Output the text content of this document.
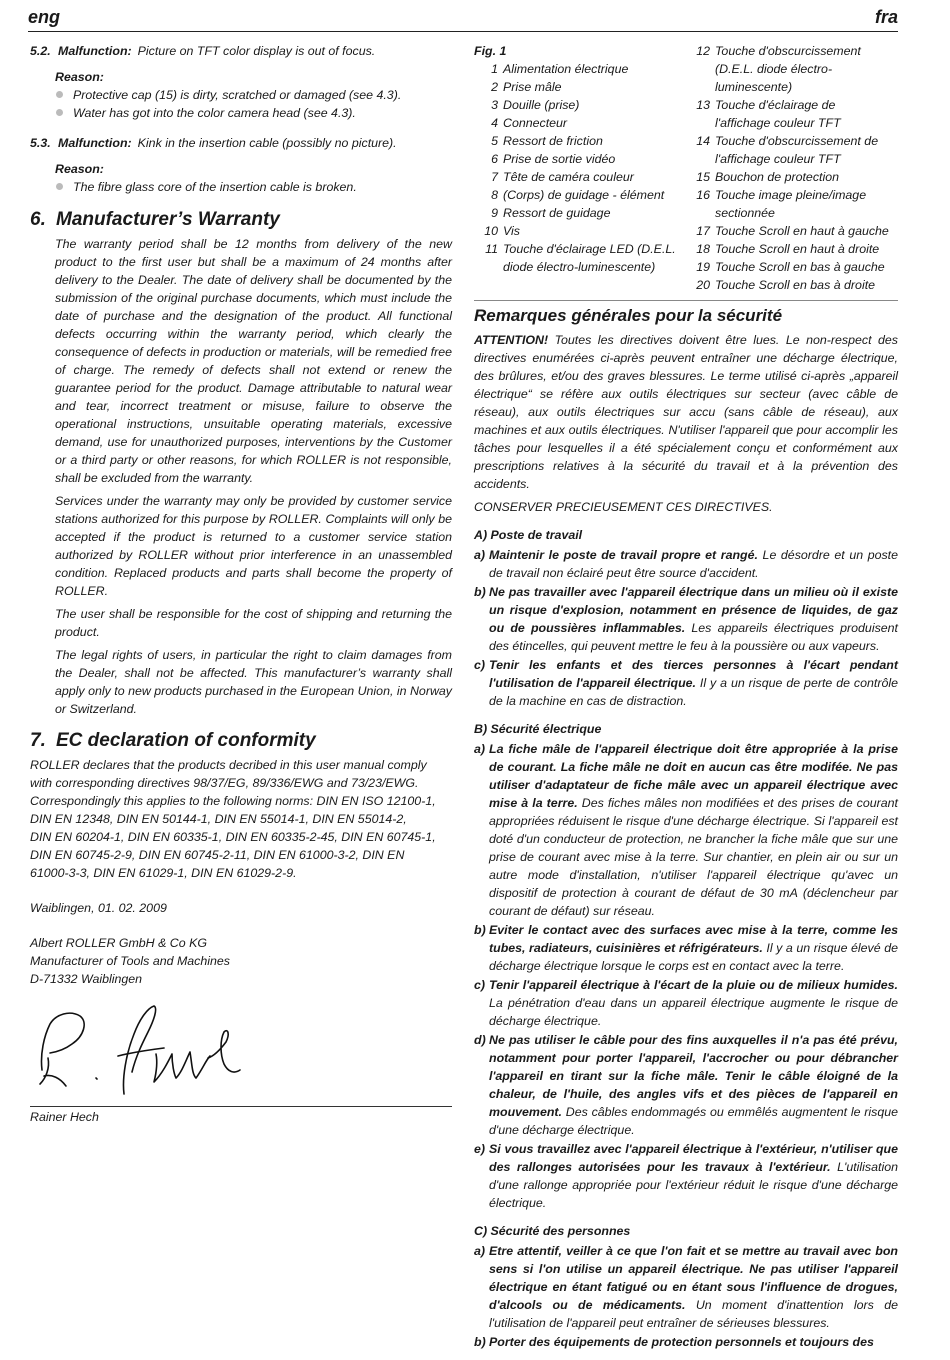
eng	fra
5.2. Malfunction: Picture on TFT color display is out of focus.
Reason:
Protective cap (15) is dirty, scratched or damaged (see 4.3).
Water has got into the color camera head (see 4.3).
5.3. Malfunction: Kink in the insertion cable (possibly no picture).
Reason:
The fibre glass core of the insertion cable is broken.
6. Manufacturer’s Warranty

The warranty period shall be 12 months from delivery of the new product to the first user but shall be a maximum of 24 months after delivery to the Dealer. The date of delivery shall be documented by the submission of the original purchase documents, which must include the date of purchase and the designation of the product. All functional defects occurring within the warranty period, which clearly the consequence of defects in production or materials, will be remedied free of charge. The remedy of defects shall not extend or renew the guarantee period for the product. Damage attributable to natural wear and tear, incorrect treatment or misuse, failure to observe the operational instructions, unsuitable operating materials, excessive demand, use for unauthorized purposes, interventions by the Customer or a third party or other reasons, for which ROLLER is not responsible, shall be excluded from the warranty.

Services under the warranty may only be provided by customer service stations authorized for this purpose by ROLLER. Complaints will only be accepted if the product is returned to a customer service station authorized by ROLLER without prior interference in an unassembled condition. Replaced products and parts shall become the property of ROLLER.

The user shall be responsible for the cost of shipping and returning the product.

The legal rights of users, in particular the right to claim damages from the Dealer, shall not be affected. This manufacturer’s warranty shall apply only to new products purchased in the European Union, in Norway or Switzerland.

7. EC declaration of conformity
ROLLER declares that the products decribed in this user manual comply
with corresponding directives 98/37/EG, 89/336/EWG and 73/23/EWG.
Correspondingly this applies to the following norms: DIN EN ISO 12100-1,
DIN EN 12348, DIN EN 50144-1, DIN EN 55014-1, DIN EN 55014-2,
DIN EN 60204-1, DIN EN 60335-1, DIN EN 60335-2-45, DIN EN 60745-1,
DIN EN 60745-2-9, DIN EN 60745-2-11, DIN EN 61000-3-2, DIN EN
61000-3-3, DIN EN 61029-1, DIN EN 61029-2-9.
Waiblingen, 01. 02. 2009
Albert ROLLER GmbH & Co KG
Manufacturer of Tools and Machines
D-71332 Waiblingen
Rainer Hech
Fig. 1
1 Alimentation électrique
2 Prise mâle
3 Douille (prise)
4 Connecteur
5 Ressort de friction
6 Prise de sortie vidéo
7 Tête de caméra couleur
8 (Corps) de guidage - élément
9 Ressort de guidage
10 Vis
11 Touche d'éclairage LED (D.E.L.
diode électro-luminescente)
12 Touche d'obscurcissement
(D.E.L. diode électro-luminescente)
13 Touche d'éclairage de
l'affichage couleur TFT
14 Touche d'obscurcissement de
l'affichage couleur TFT
15 Bouchon de protection
16 Touche image pleine/image
sectionnée
17 Touche Scroll en haut à gauche
18 Touche Scroll en haut à droite
19 Touche Scroll en bas à gauche
20 Touche Scroll en bas à droite
Remarques générales pour la sécurité

ATTENTION! Toutes les directives doivent être lues. Le non-respect des directives enumérées ci-après peuvent entraîner une décharge électrique, des brûlures, et/ou des graves blessures. Le terme utilisé ci-après „appareil électrique“ se réfère aux outils électriques sur secteur (avec câble de réseau), aux outils électriques sur accu (sans câble de réseau), aux machines et aux outils électriques. N'utiliser l'appareil que pour accomplir les tâches pour lesquelles il a été spécialement conçu et conformément aux prescriptions relatives à la sécurité du travail et à la prévention des accidents.

CONSERVER PRECIEUSEMENT CES DIRECTIVES.

A) Poste de travail
a) Maintenir le poste de travail propre et rangé. Le désordre et un poste de travail non éclairé peut être source d'accident.
b) Ne pas travailler avec l'appareil électrique dans un milieu où il existe un risque d'explosion, notamment en présence de liquides, de gaz ou de poussières inflammables. Les appareils électriques produisent des étincelles, qui peuvent mettre le feu à la poussière ou aux vapeurs.
c) Tenir les enfants et des tierces personnes à l'écart pendant l'utilisation de l'appareil électrique. Il y a un risque de perte de contrôle de la machine en cas de distraction.
B) Sécurité électrique
a) La fiche mâle de l'appareil électrique doit être appropriée à la prise de courant. La fiche mâle ne doit en aucun cas être modifée. Ne pas utiliser d'adaptateur de fiche mâle avec un appareil électrique avec mise à la terre. Des fiches mâles non modifiées et des prises de courant appropriées réduisent le risque d'une décharge électrique. Si l'appareil est doté d'un conducteur de protection, ne brancher la fiche mâle que sur une prise de courant avec mise à la terre. Sur chantier, en plein air ou sur un autre mode d'installation, n'utiliser l'appareil électrique qu'avec un dispositif de protection à courant de défaut de 30 mA (déclencheur par courant de défaut) sur réseau.
b) Eviter le contact avec des surfaces avec mise à la terre, comme les tubes, radiateurs, cuisinières et réfrigérateurs. Il y a un risque élevé de décharge électrique lorsque le corps est en contact avec la terre.
c) Tenir l'appareil électrique à l'écart de la pluie ou de milieux humides. La pénétration d'eau dans un appareil électrique augmente le risque de décharge électrique.
d) Ne pas utiliser le câble pour des fins auxquelles il n'a pas été prévu, notamment pour porter l'appareil, l'accrocher ou pour débrancher l'appareil en tirant sur la fiche mâle. Tenir le câble éloigné de la chaleur, de l'huile, des angles vifs et des pièces de l'appareil en mouvement. Des câbles endommagés ou emmêlés augmentent le risque d'une décharge électrique.
e) Si vous travaillez avec l'appareil électrique à l'extérieur, n'utiliser que des rallonges autorisées pour les travaux à l'extérieur. L'utilisation d'une rallonge appropriée pour l'extérieur réduit le risque d'une décharge électrique.
C) Sécurité des personnes
a) Etre attentif, veiller à ce que l'on fait et se mettre au travail avec bon sens si l'on utilise un appareil électrique. Ne pas utiliser l'appareil électrique en étant fatigué ou en étant sous l'influence de drogues, d'alcools ou de médicaments. Un moment d'inattention lors de l'utilisation de l'appareil peut entraîner de sérieuses blessures.
b) Porter des équipements de protection personnels et toujours des
